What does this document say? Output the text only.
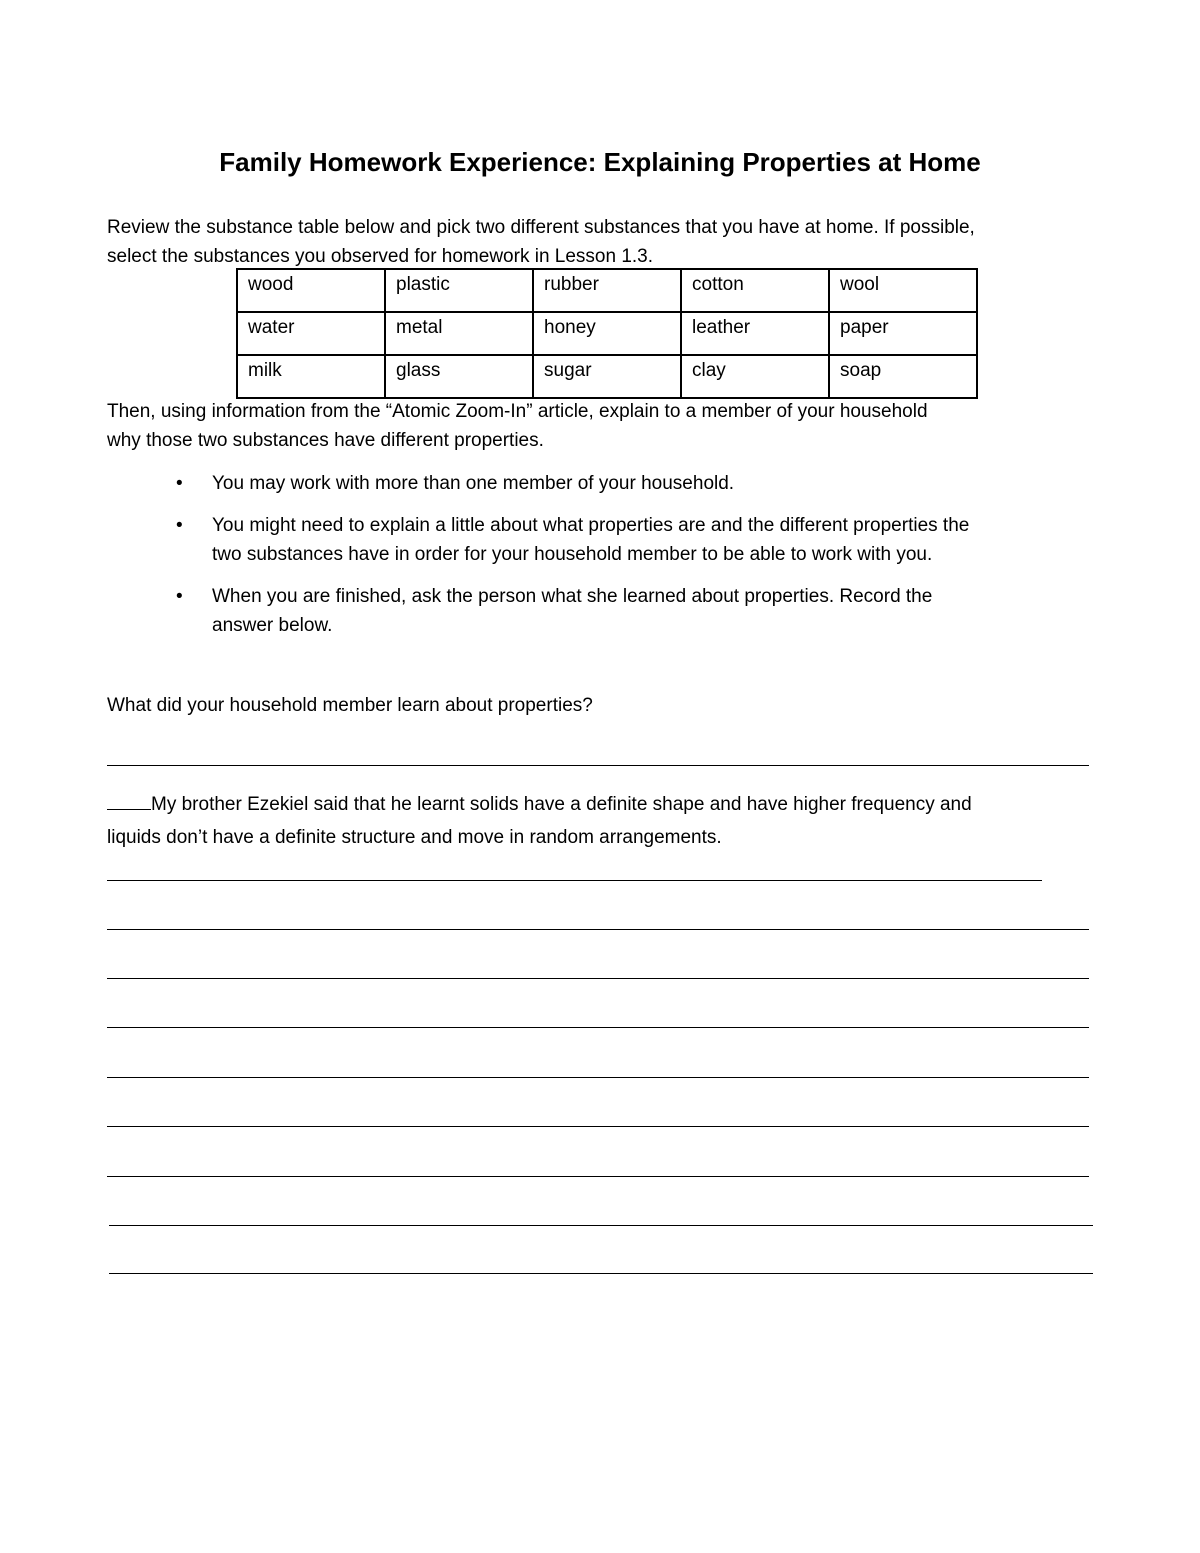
Family Homework Experience: Explaining Properties at Home
Review the substance table below and pick two different substances that you have at home. If possible,
select the substances you observed for homework in Lesson 1.3.
wood	plastic	rubber	cotton	wool
water	metal	honey	leather	paper
milk	glass	sugar	clay	soap
Then, using information from the “Atomic Zoom-In” article, explain to a member of your household
why those two substances have different properties.
• You may work with more than one member of your household.
• You might need to explain a little about what properties are and the different properties the
two substances have in order for your household member to be able to work with you.
• When you are finished, ask the person what she learned about properties. Record the
answer below.
What did your household member learn about properties?
My brother Ezekiel said that he learnt solids have a definite shape and have higher frequency and
liquids don’t have a definite structure and move in random arrangements.
